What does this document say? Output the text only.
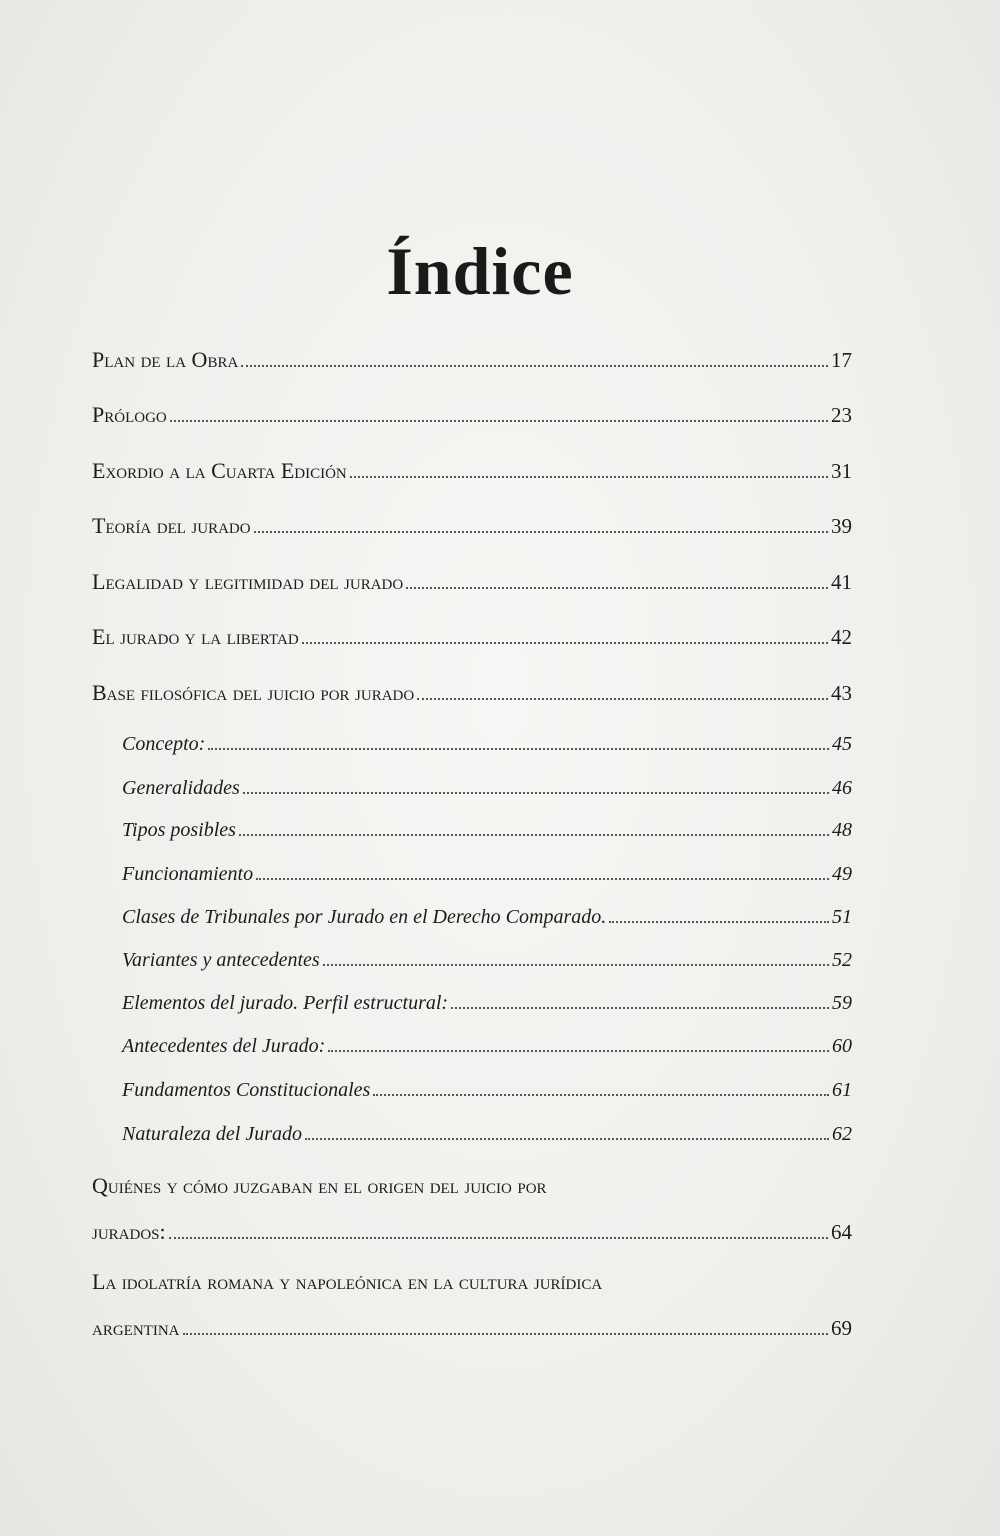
Índice
Plan de la Obra	17
Prólogo	23
Exordio a la Cuarta Edición	31
Teoría del jurado	39
Legalidad y legitimidad del jurado	41
El jurado y la libertad	42
Base filosófica del juicio por jurado	43
Concepto:	45
Generalidades	46
Tipos posibles	48
Funcionamiento	49
Clases de Tribunales por Jurado en el Derecho Comparado.	51
Variantes y antecedentes	52
Elementos del jurado. Perfil estructural:	59
Antecedentes del Jurado:	60
Fundamentos Constitucionales	61
Naturaleza del Jurado	62
Quiénes y cómo juzgaban en el origen del juicio por
jurados:	64
La idolatría romana y napoleónica en la cultura jurídica
argentina	69
